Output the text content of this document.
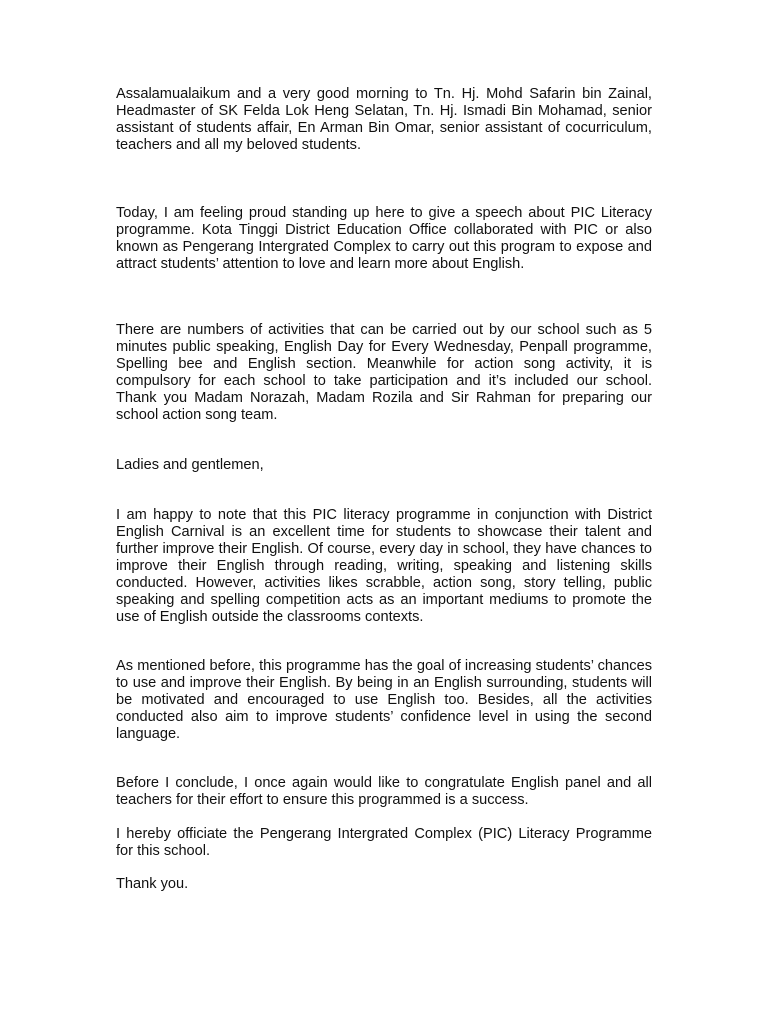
Assalamualaikum and a very good morning to Tn. Hj. Mohd Safarin bin Zainal, Headmaster of SK Felda Lok Heng Selatan, Tn. Hj. Ismadi Bin Mohamad, senior assistant of students affair, En Arman Bin Omar, senior assistant of cocurriculum, teachers and all my beloved students.

Today, I am feeling proud standing up here to give a speech about PIC Literacy programme. Kota Tinggi District Education Office collaborated with PIC or also known as Pengerang Intergrated Complex to carry out this program to expose and attract students’ attention to love and learn more about English.

There are numbers of activities that can be carried out by our school such as 5 minutes public speaking, English Day for Every Wednesday, Penpall programme, Spelling bee and English section. Meanwhile for action song activity, it is compulsory for each school to take participation and it’s included our school. Thank you Madam Norazah, Madam Rozila and Sir Rahman for preparing our school action song team.

Ladies and gentlemen,

I am happy to note that this PIC literacy programme in conjunction with District English Carnival is an excellent time for students to showcase their talent and further improve their English. Of course, every day in school, they have chances to improve their English through reading, writing, speaking and listening skills conducted. However, activities likes scrabble, action song, story telling, public speaking and spelling competition acts as an important mediums to promote the use of English outside the classrooms contexts.

As mentioned before, this programme has the goal of increasing students’ chances to use and improve their English. By being in an English surrounding, students will be motivated and encouraged to use English too. Besides, all the activities conducted also aim to improve students’ confidence level in using the second language.

Before I conclude, I once again would like to congratulate English panel and all teachers for their effort to ensure this programmed is a success.

I hereby officiate the Pengerang Intergrated Complex (PIC) Literacy Programme for this school.

Thank you.
